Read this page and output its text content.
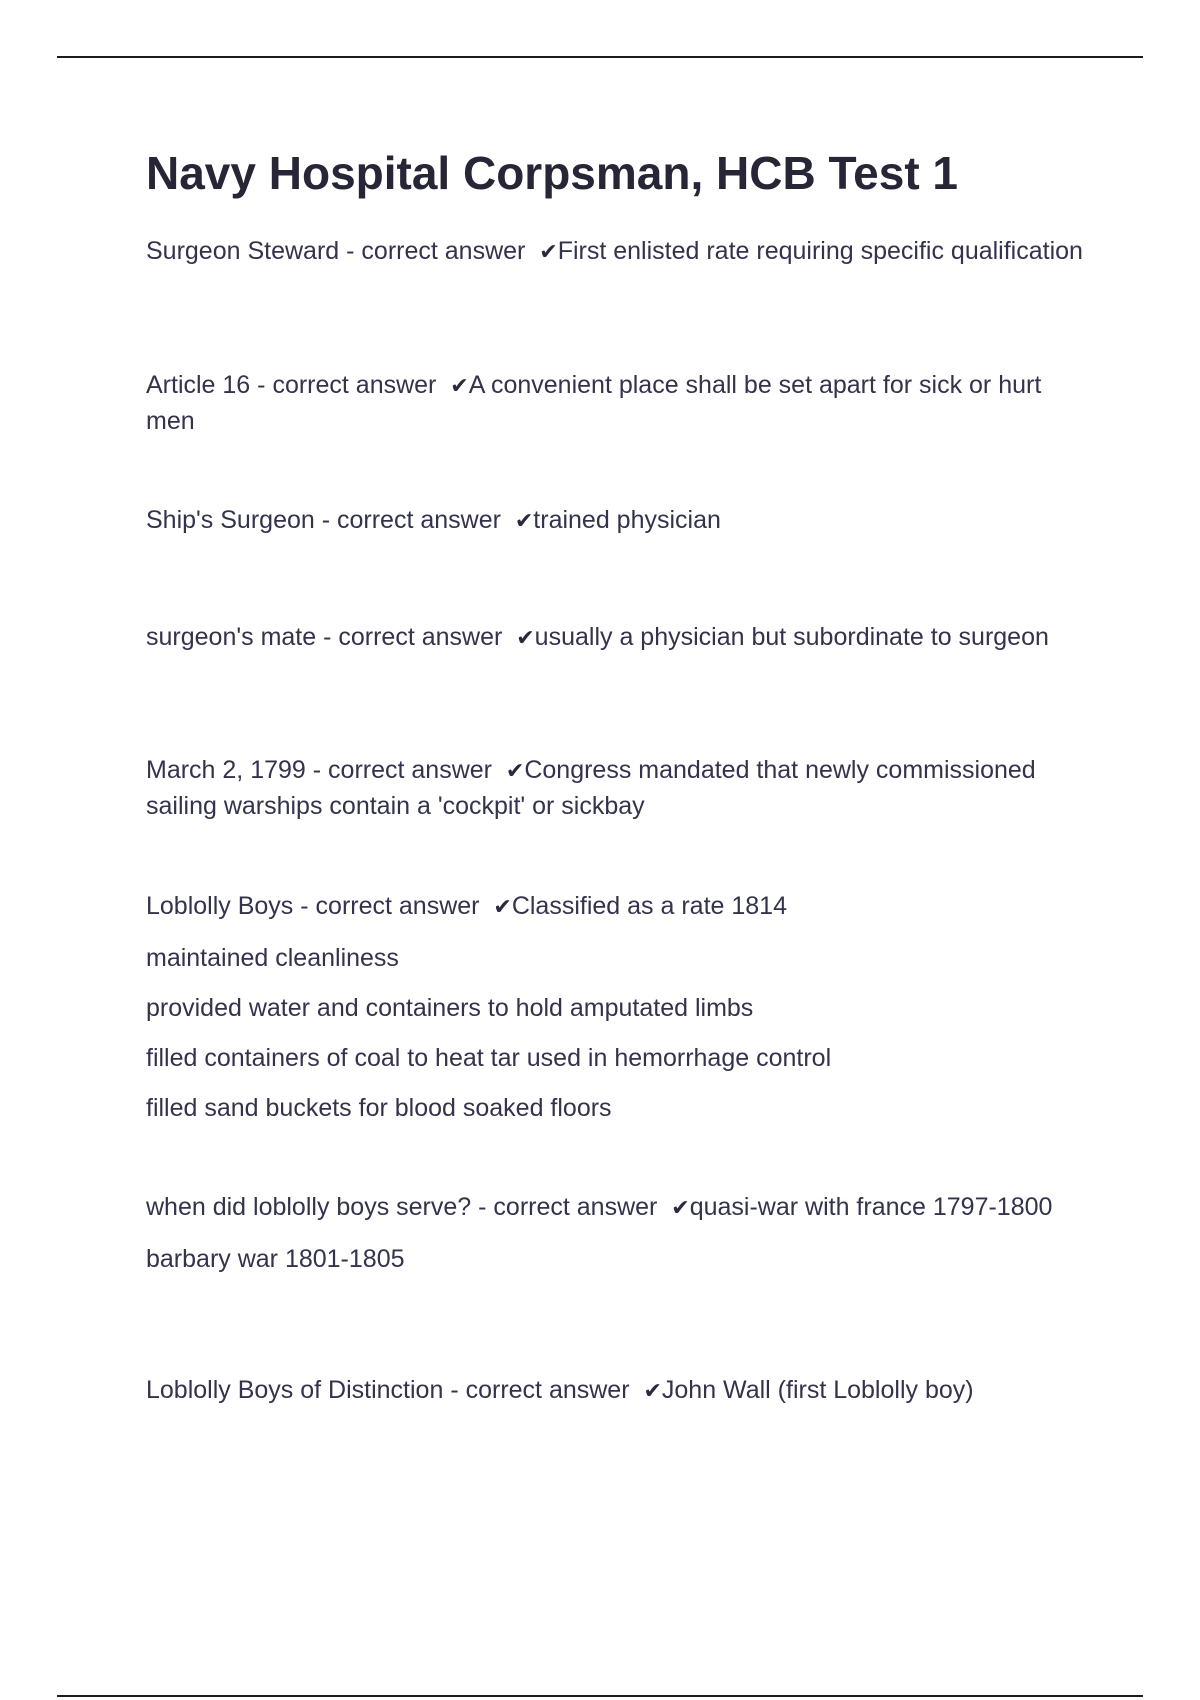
Navy Hospital Corpsman, HCB Test 1

Surgeon Steward - correct answer ✔First enlisted rate requiring specific qualification

Article 16 - correct answer ✔A convenient place shall be set apart for sick or hurt men

Ship's Surgeon - correct answer ✔trained physician

surgeon's mate - correct answer ✔usually a physician but subordinate to surgeon

March 2, 1799 - correct answer ✔Congress mandated that newly commissioned sailing warships contain a 'cockpit' or sickbay

Loblolly Boys - correct answer ✔Classified as a rate 1814

maintained cleanliness

provided water and containers to hold amputated limbs

filled containers of coal to heat tar used in hemorrhage control

filled sand buckets for blood soaked floors

when did loblolly boys serve? - correct answer ✔quasi-war with france 1797-1800

barbary war 1801-1805

Loblolly Boys of Distinction - correct answer ✔John Wall (first Loblolly boy)
